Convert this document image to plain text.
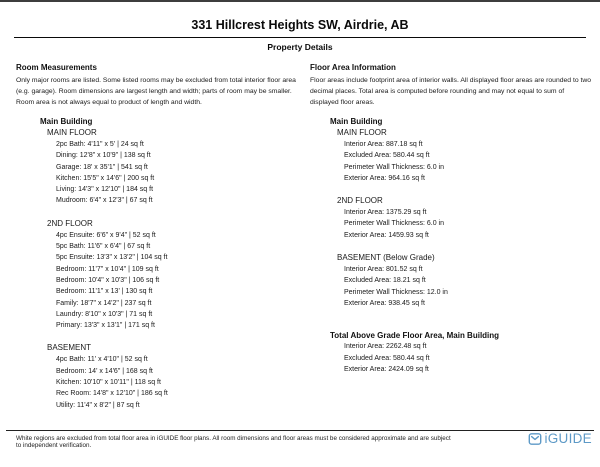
331 Hillcrest Heights SW, Airdrie, AB
Property Details
Room Measurements

Only major rooms are listed. Some listed rooms may be excluded from total interior floor area (e.g. garage). Room dimensions are largest length and width; parts of room may be smaller. Room area is not always equal to product of length and width.

Main Building
MAIN FLOOR
2pc Bath: 4'11" x 5' | 24 sq ft
Dining: 12'8" x 10'9" | 138 sq ft
Garage: 18' x 35'1" | 541 sq ft
Kitchen: 15'5" x 14'6" | 200 sq ft
Living: 14'3" x 12'10" | 184 sq ft
Mudroom: 6'4" x 12'3" | 67 sq ft
2ND FLOOR
4pc Ensuite: 6'6" x 9'4" | 52 sq ft
5pc Bath: 11'6" x 6'4" | 67 sq ft
5pc Ensuite: 13'3" x 13'2" | 104 sq ft
Bedroom: 11'7" x 10'4" | 109 sq ft
Bedroom: 10'4" x 10'3" | 106 sq ft
Bedroom: 11'1" x 13' | 130 sq ft
Family: 18'7" x 14'2" | 237 sq ft
Laundry: 8'10" x 10'3" | 71 sq ft
Primary: 13'3" x 13'1" | 171 sq ft
BASEMENT
4pc Bath: 11' x 4'10" | 52 sq ft
Bedroom: 14' x 14'6" | 168 sq ft
Kitchen: 10'10" x 10'11" | 118 sq ft
Rec Room: 14'8" x 12'10" | 186 sq ft
Utility: 11'4" x 8'2" | 87 sq ft
Floor Area Information

Floor areas include footprint area of interior walls. All displayed floor areas are rounded to two decimal places. Total area is computed before rounding and may not equal to sum of displayed floor areas.

Main Building
MAIN FLOOR
Interior Area: 887.18 sq ft
Excluded Area: 580.44 sq ft
Perimeter Wall Thickness: 6.0 in
Exterior Area: 964.16 sq ft
2ND FLOOR
Interior Area: 1375.29 sq ft
Perimeter Wall Thickness: 6.0 in
Exterior Area: 1459.93 sq ft
BASEMENT (Below Grade)
Interior Area: 801.52 sq ft
Excluded Area: 18.21 sq ft
Perimeter Wall Thickness: 12.0 in
Exterior Area: 938.45 sq ft
Total Above Grade Floor Area, Main Building
Interior Area: 2262.48 sq ft
Excluded Area: 580.44 sq ft
Exterior Area: 2424.09 sq ft

White regions are excluded from total floor area in iGUIDE floor plans. All room dimensions and floor areas must be considered approximate and are subject to independent verification.	iGUIDE
